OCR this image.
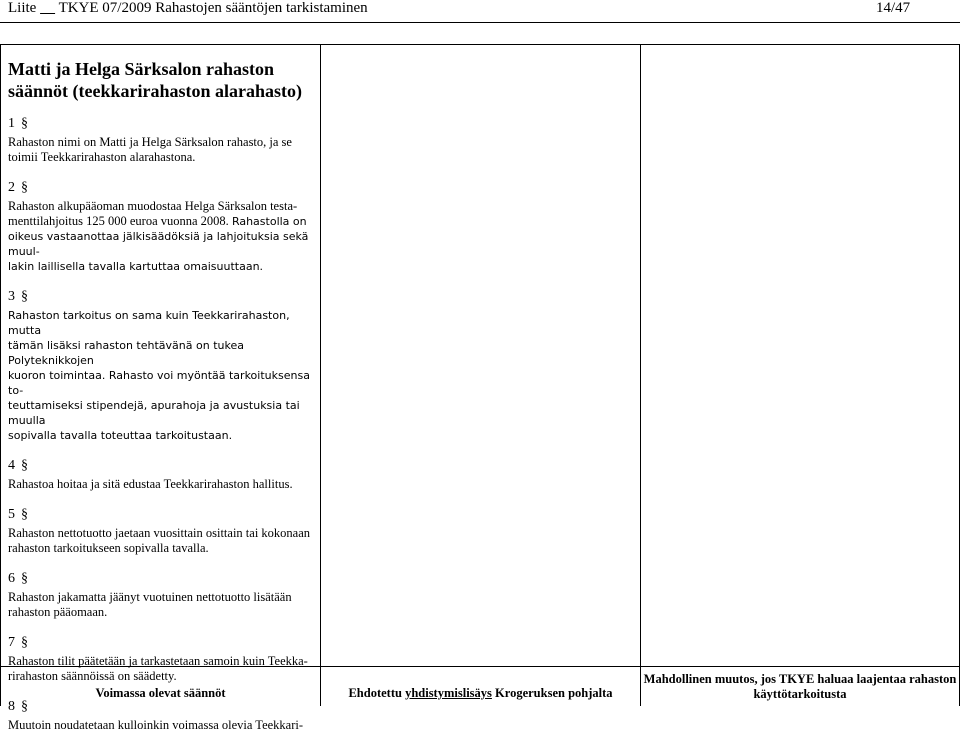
Liite TKYE 07/2009 Rahastojen sääntöjen tarkistaminen	14/47
Matti ja Helga Särksalon rahaston
säännöt (teekkarirahaston alarahasto)
1 §
Rahaston nimi on Matti ja Helga Särksalon rahasto, ja se
toimii Teekkarirahaston alarahastona.
2 §
Rahaston alkupääoman muodostaa Helga Särksalon testa-
menttilahjoitus 125 000 euroa vuonna 2008. Rahastolla on
oikeus vastaanottaa jälkisäädöksiä ja lahjoituksia sekä muul-
lakin laillisella tavalla kartuttaa omaisuuttaan.
3 §
Rahaston tarkoitus on sama kuin Teekkarirahaston, mutta
tämän lisäksi rahaston tehtävänä on tukea Polyteknikkojen
kuoron toimintaa. Rahasto voi myöntää tarkoituksensa to-
teuttamiseksi stipendejä, apurahoja ja avustuksia tai muulla
sopivalla tavalla toteuttaa tarkoitustaan.
4 §
Rahastoa hoitaa ja sitä edustaa Teekkarirahaston hallitus.
5 §
Rahaston nettotuotto jaetaan vuosittain osittain tai kokonaan
rahaston tarkoitukseen sopivalla tavalla.
6 §
Rahaston jakamatta jäänyt vuotuinen nettotuotto lisätään
rahaston pääomaan.
7 §
Rahaston tilit päätetään ja tarkastetaan samoin kuin Teekka-
rirahaston säännöissä on säädetty.
8 §
Muutoin noudatetaan kulloinkin voimassa olevia Teekkari-
Voimassa olevat säännöt	Ehdotettu
yhdistymislisäys
Krogeruksen pohjalta
Mahdollinen muutos, jos TKYE haluaa laajentaa rahaston
käyttötarkoitusta
